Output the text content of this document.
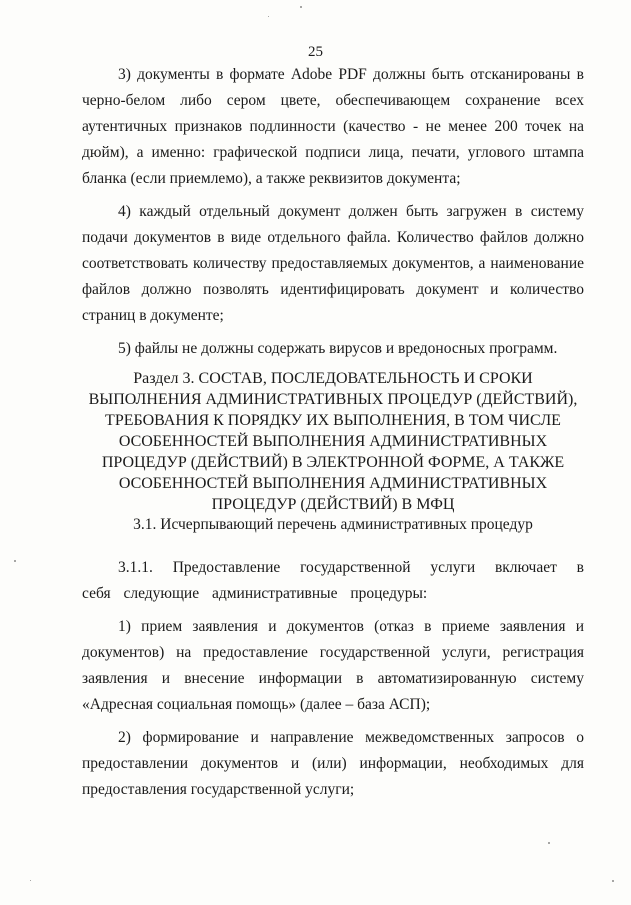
25

3) документы в формате Adobe PDF должны быть отсканированы в черно-белом либо сером цвете, обеспечивающем сохранение всех аутентичных признаков подлинности (качество - не менее 200 точек на дюйм), а именно: графической подписи лица, печати, углового штампа бланка (если приемлемо), а также реквизитов документа;

4) каждый отдельный документ должен быть загружен в систему подачи документов в виде отдельного файла. Количество файлов должно соответствовать количеству предоставляемых документов, а наименование файлов должно позволять идентифицировать документ и количество страниц в документе;

5) файлы не должны содержать вирусов и вредоносных программ.

Раздел 3. СОСТАВ, ПОСЛЕДОВАТЕЛЬНОСТЬ И СРОКИ ВЫПОЛНЕНИЯ АДМИНИСТРАТИВНЫХ ПРОЦЕДУР (ДЕЙСТВИЙ), ТРЕБОВАНИЯ К ПОРЯДКУ ИХ ВЫПОЛНЕНИЯ, В ТОМ ЧИСЛЕ ОСОБЕННОСТЕЙ ВЫПОЛНЕНИЯ АДМИНИСТРАТИВНЫХ ПРОЦЕДУР (ДЕЙСТВИЙ) В ЭЛЕКТРОННОЙ ФОРМЕ, А ТАКЖЕ ОСОБЕННОСТЕЙ ВЫПОЛНЕНИЯ АДМИНИСТРАТИВНЫХ ПРОЦЕДУР (ДЕЙСТВИЙ) В МФЦ
3.1. Исчерпывающий перечень административных процедур

3.1.1. Предоставление государственной услуги включает в себя следующие административные процедуры:

1) прием заявления и документов (отказ в приеме заявления и документов) на предоставление государственной услуги, регистрация заявления и внесение информации в автоматизированную систему «Адресная социальная помощь» (далее – база АСП);

2) формирование и направление межведомственных запросов о предоставлении документов и (или) информации, необходимых для предоставления государственной услуги;
